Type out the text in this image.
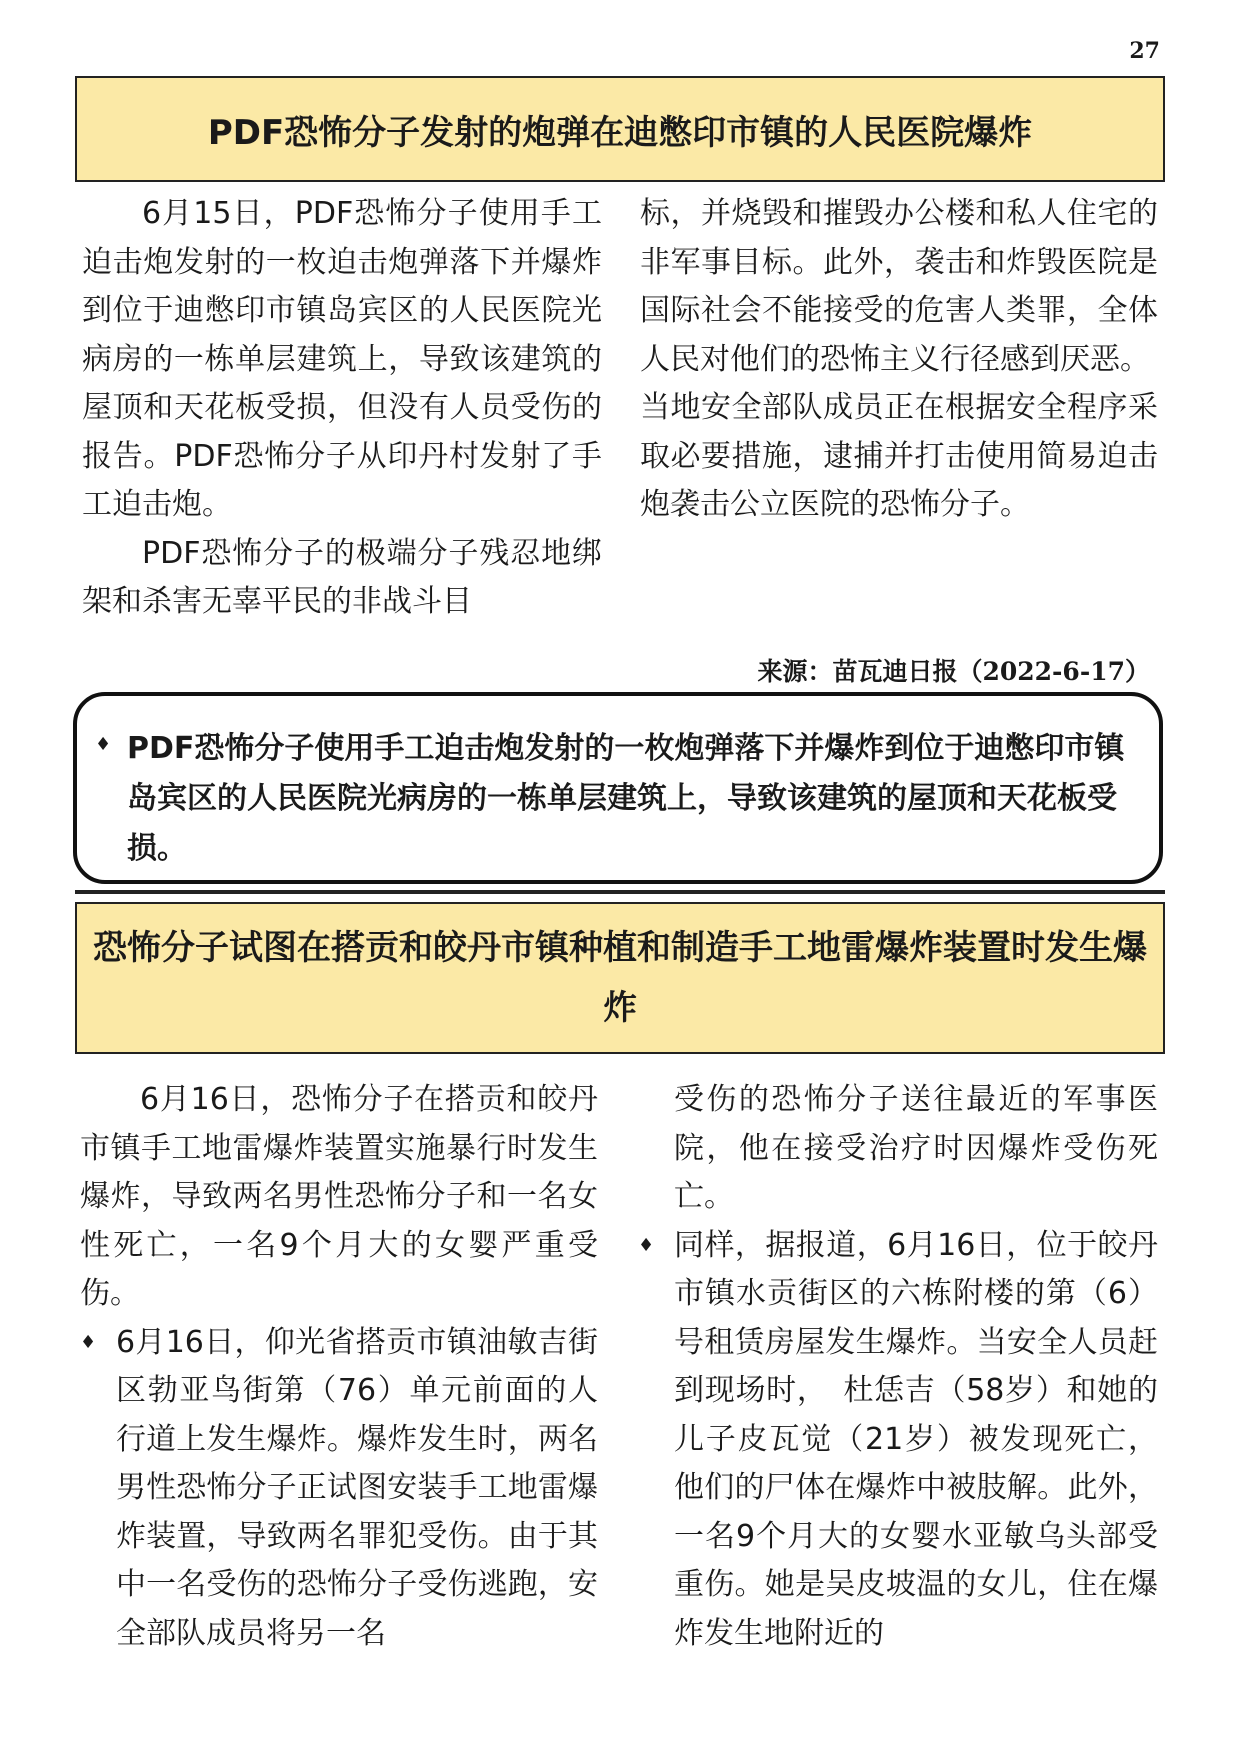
27
PDF恐怖分子发射的炮弹在迪憋印市镇的人民医院爆炸

6月15日，PDF恐怖分子使用手工迫击炮发射的一枚迫击炮弹落下并爆炸到位于迪憋印市镇岛宾区的人民医院光病房的一栋单层建筑上，导致该建筑的屋顶和天花板受损，但没有人员受伤的报告。PDF恐怖分子从印丹村发射了手工迫击炮。

PDF恐怖分子的极端分子残忍地绑架和杀害无辜平民的非战斗目

标，并烧毁和摧毁办公楼和私人住宅的非军事目标。此外，袭击和炸毁医院是国际社会不能接受的危害人类罪，全体人民对他们的恐怖主义行径感到厌恶。

当地安全部队成员正在根据安全程序采取必要措施，逮捕并打击使用简易迫击炮袭击公立医院的恐怖分子。

来源：苗瓦迪日报（2022-6-17）
♦ PDF恐怖分子使用手工迫击炮发射的一枚炮弹落下并爆炸到位于迪憋印市镇岛宾区的人民医院光病房的一栋单层建筑上，导致该建筑的屋顶和天花板受损。
恐怖分子试图在搭贡和皎丹市镇种植和制造手工地雷爆炸装置时发生爆炸

6月16日，恐怖分子在搭贡和皎丹市镇手工地雷爆炸装置实施暴行时发生爆炸，导致两名男性恐怖分子和一名女性死亡，一名9个月大的女婴严重受伤。

♦ 6月16日，仰光省搭贡市镇油敏吉街区勃亚鸟街第（76）单元前面的人行道上发生爆炸。爆炸发生时，两名男性恐怖分子正试图安装手工地雷爆炸装置，导致两名罪犯受伤。由于其中一名受伤的恐怖分子受伤逃跑，安全部队成员将另一名

受伤的恐怖分子送往最近的军事医院，他在接受治疗时因爆炸受伤死亡。

♦ 同样，据报道，6月16日，位于皎丹市镇水贡街区的六栋附楼的第（6）号租赁房屋发生爆炸。当安全人员赶到现场时，　杜恁吉（58岁）和她的儿子皮瓦觉（21岁）被发现死亡，他们的尸体在爆炸中被肢解。此外，一名9个月大的女婴水亚敏乌头部受重伤。她是吴皮坡温的女儿，住在爆炸发生地附近的
